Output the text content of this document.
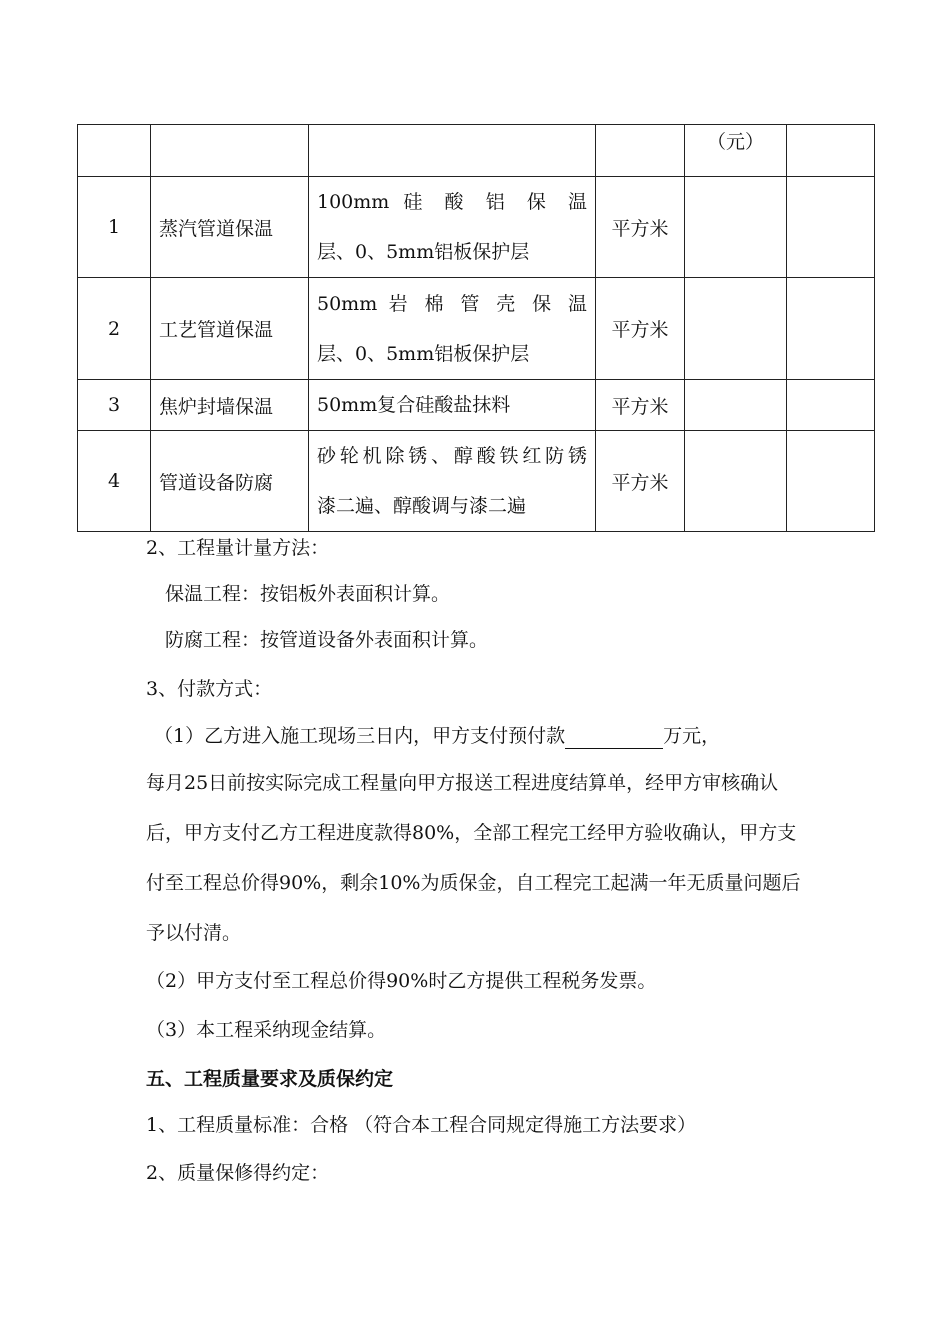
				（元）	
1	蒸汽管道保温	100mm 硅 酸 铝 保 温
层、0、5mm铝板保护层	平方米		
2	工艺管道保温	50mm 岩 棉 管 壳 保 温
层、0、5mm铝板保护层	平方米		
3	焦炉封墙保温	50mm复合硅酸盐抹料	平方米		
4	管道设备防腐	砂轮机除锈、醇酸铁红防锈
漆二遍、醇酸调与漆二遍	平方米		
2、工程量计量方法：
保温工程：按铝板外表面积计算。
防腐工程：按管道设备外表面积计算。
3、付款方式：
（1）乙方进入施工现场三日内，甲方支付预付款	万元，
每月25日前按实际完成工程量向甲方报送工程进度结算单，经甲方审核确认后，甲方支付乙方工程进度款得80%，全部工程完工经甲方验收确认，甲方支付至工程总价得90%，剩余10%为质保金，自工程完工起满一年无质量问题后予以付清。
（2）甲方支付至工程总价得90%时乙方提供工程税务发票。
（3）本工程采纳现金结算。
五、工程质量要求及质保约定
1、工程质量标准：合格 （符合本工程合同规定得施工方法要求）
2、质量保修得约定：
